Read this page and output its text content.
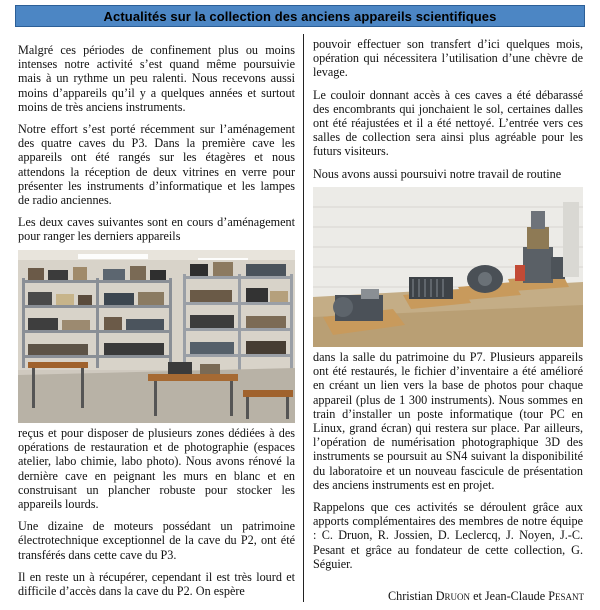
Actualités sur la collection des anciens appareils scientifiques

Malgré ces périodes de confinement plus ou moins intenses notre activité s’est quand même poursuivie mais à un rythme un peu ralenti. Nous recevons aussi moins d’appareils qu’il y a quelques années et surtout moins de très anciens instruments.

Notre effort s’est porté récemment sur l’aménagement des quatre caves du P3. Dans la première cave les appareils ont été rangés sur les étagères et nous attendons la réception de deux vitrines en verre pour présenter les instruments d’informatique et les lampes de radio anciennes.

Les deux caves suivantes sont en cours d’aménagement pour ranger les derniers appareils

reçus et pour disposer de plusieurs zones dédiées à des opérations de restauration et de photographie (espaces atelier, labo chimie, labo photo). Nous avons rénové la dernière cave en peignant les murs en blanc et en construisant un plancher robuste pour stocker les appareils lourds.

Une dizaine de moteurs possédant un patrimoine électrotechnique exceptionnel de la cave du P2, ont été transférés dans cette cave du P3.

Il en reste un à récupérer, cependant il est très lourd et difficile d’accès dans la cave du P2. On espère

pouvoir effectuer son transfert d’ici quelques mois, opération qui nécessitera l’utilisation d’une chèvre de levage.

Le couloir donnant accès à ces caves a été débarassé des encombrants qui jonchaient le sol, certaines dalles ont été réajustées et il a été nettoyé. L’entrée vers ces salles de collection sera ainsi plus agréable pour les futurs visiteurs.

Nous avons aussi poursuivi notre travail de routine

dans la salle du patrimoine du P7. Plusieurs appareils ont été restaurés, le fichier d’inventaire a été amélioré en créant un lien vers la base de photos pour chaque appareil (plus de 1 300 instruments). Nous sommes en train d’installer un poste informatique (tour PC en Linux, grand écran) qui restera sur place. Par ailleurs, l’opération de numérisation photographique 3D des instruments se poursuit au SN4 suivant la disponibilité du laboratoire et un nouveau fascicule de présentation des anciens instruments est en projet.

Rappelons que ces activités se déroulent grâce aux apports complémentaires des membres de notre équipe : C. Druon, R. Jossien, D. Leclercq, J. Noyen, J.-C. Pesant et grâce au fondateur de cette collection, G. Séguier.

Christian Druon et Jean-Claude Pesant
